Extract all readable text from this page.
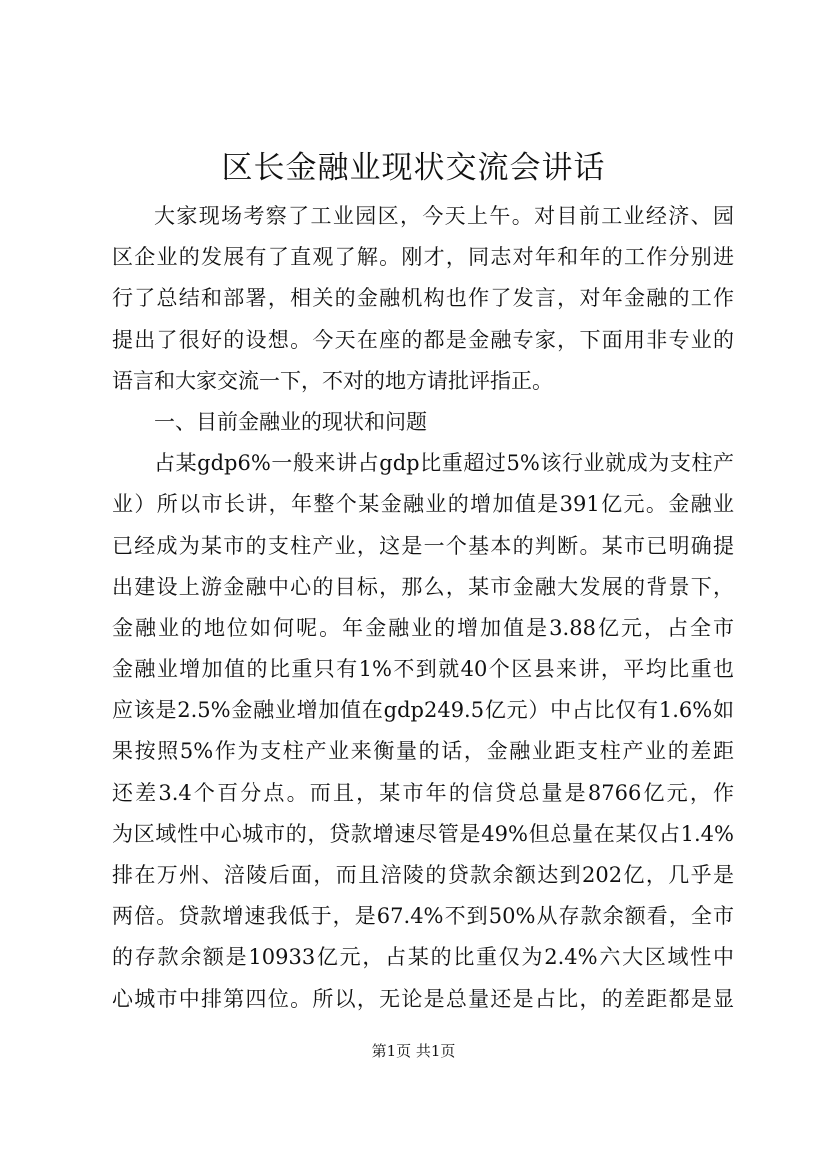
区长金融业现状交流会讲话
大家现场考察了工业园区，今天上午。对目前工业经济、园
区企业的发展有了直观了解。刚才，同志对年和年的工作分别进
行了总结和部署，相关的金融机构也作了发言，对年金融的工作
提出了很好的设想。今天在座的都是金融专家，下面用非专业的
语言和大家交流一下，不对的地方请批评指正。
一、目前金融业的现状和问题
占某gdp6%一般来讲占gdp比重超过5%该行业就成为支柱产
业）所以市长讲，年整个某金融业的增加值是391亿元。金融业
已经成为某市的支柱产业，这是一个基本的判断。某市已明确提
出建设上游金融中心的目标，那么，某市金融大发展的背景下，
金融业的地位如何呢。年金融业的增加值是3.88亿元，占全市
金融业增加值的比重只有1%不到就40个区县来讲，平均比重也
应该是2.5%金融业增加值在gdp249.5亿元）中占比仅有1.6%如
果按照5%作为支柱产业来衡量的话，金融业距支柱产业的差距
还差3.4个百分点。而且，某市年的信贷总量是8766亿元，作
为区域性中心城市的，贷款增速尽管是49%但总量在某仅占1.4%
排在万州、涪陵后面，而且涪陵的贷款余额达到202亿，几乎是
两倍。贷款增速我低于，是67.4%不到50%从存款余额看，全市
的存款余额是10933亿元，占某的比重仅为2.4%六大区域性中
心城市中排第四位。所以，无论是总量还是占比，的差距都是显
第1页 共1页
